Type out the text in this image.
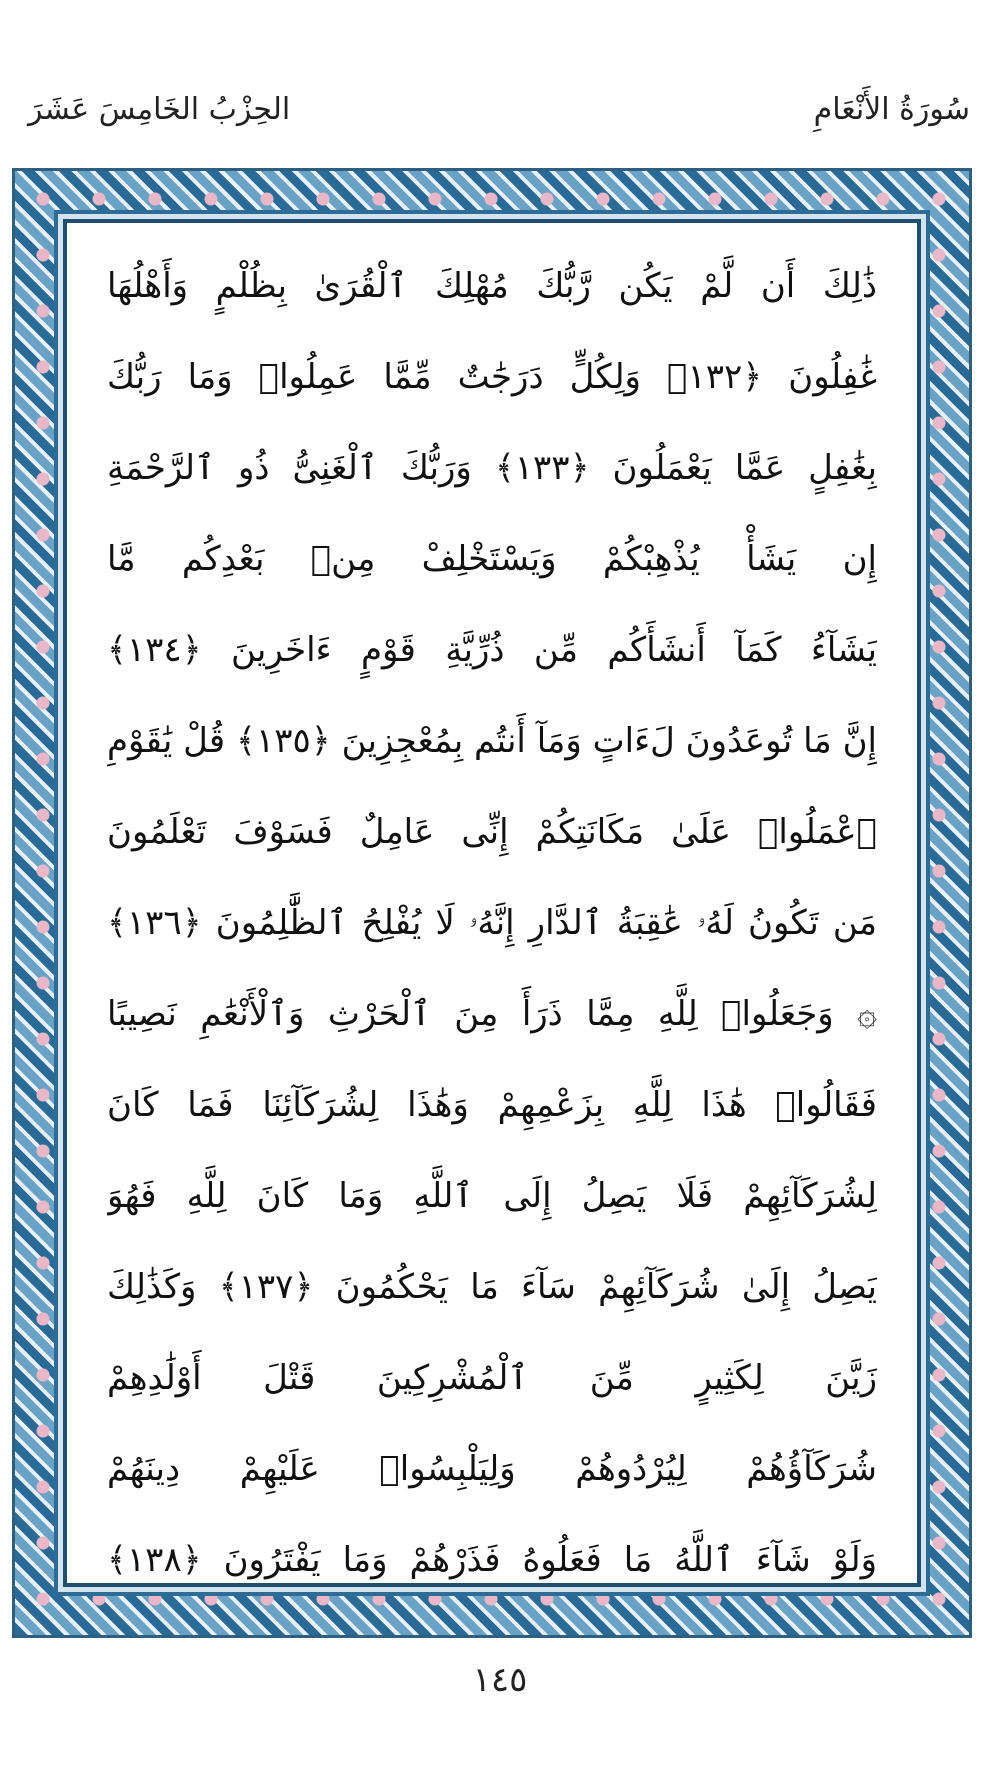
سُورَةُ الأَنْعَامِ
الحِزْبُ الخَامِسَ عَشَرَ
ذَٰلِكَ أَن لَّمْ يَكُن رَّبُّكَ مُهْلِكَ ٱلْقُرَىٰ بِظُلْمٍ وَأَهْلُهَا
غَٰفِلُونَ ﴿١٣٢﴾ وَلِكُلٍّ دَرَجَٰتٌ مِّمَّا عَمِلُوا۟ وَمَا رَبُّكَ
بِغَٰفِلٍ عَمَّا يَعْمَلُونَ ﴿١٣٣﴾ وَرَبُّكَ ٱلْغَنِىُّ ذُو ٱلرَّحْمَةِ
إِن يَشَأْ يُذْهِبْكُمْ وَيَسْتَخْلِفْ مِنۢ بَعْدِكُم مَّا
يَشَآءُ كَمَآ أَنشَأَكُم مِّن ذُرِّيَّةِ قَوْمٍ ءَاخَرِينَ ﴿١٣٤﴾
إِنَّ مَا تُوعَدُونَ لَءَاتٍ وَمَآ أَنتُم بِمُعْجِزِينَ ﴿١٣٥﴾ قُلْ يَٰقَوْمِ
ٱعْمَلُوا۟ عَلَىٰ مَكَانَتِكُمْ إِنِّى عَامِلٌ فَسَوْفَ تَعْلَمُونَ
مَن تَكُونُ لَهُۥ عَٰقِبَةُ ٱلدَّارِ إِنَّهُۥ لَا يُفْلِحُ ٱلظَّٰلِمُونَ ﴿١٣٦﴾
۞ وَجَعَلُوا۟ لِلَّهِ مِمَّا ذَرَأَ مِنَ ٱلْحَرْثِ وَٱلْأَنْعَٰمِ نَصِيبًا
فَقَالُوا۟ هَٰذَا لِلَّهِ بِزَعْمِهِمْ وَهَٰذَا لِشُرَكَآئِنَا فَمَا كَانَ
لِشُرَكَآئِهِمْ فَلَا يَصِلُ إِلَى ٱللَّهِ وَمَا كَانَ لِلَّهِ فَهُوَ
يَصِلُ إِلَىٰ شُرَكَآئِهِمْ سَآءَ مَا يَحْكُمُونَ ﴿١٣٧﴾ وَكَذَٰلِكَ
زَيَّنَ لِكَثِيرٍ مِّنَ ٱلْمُشْرِكِينَ قَتْلَ أَوْلَٰدِهِمْ
شُرَكَآؤُهُمْ لِيُرْدُوهُمْ وَلِيَلْبِسُوا۟ عَلَيْهِمْ دِينَهُمْ
وَلَوْ شَآءَ ٱللَّهُ مَا فَعَلُوهُ فَذَرْهُمْ وَمَا يَفْتَرُونَ ﴿١٣٨﴾
١٤٥
